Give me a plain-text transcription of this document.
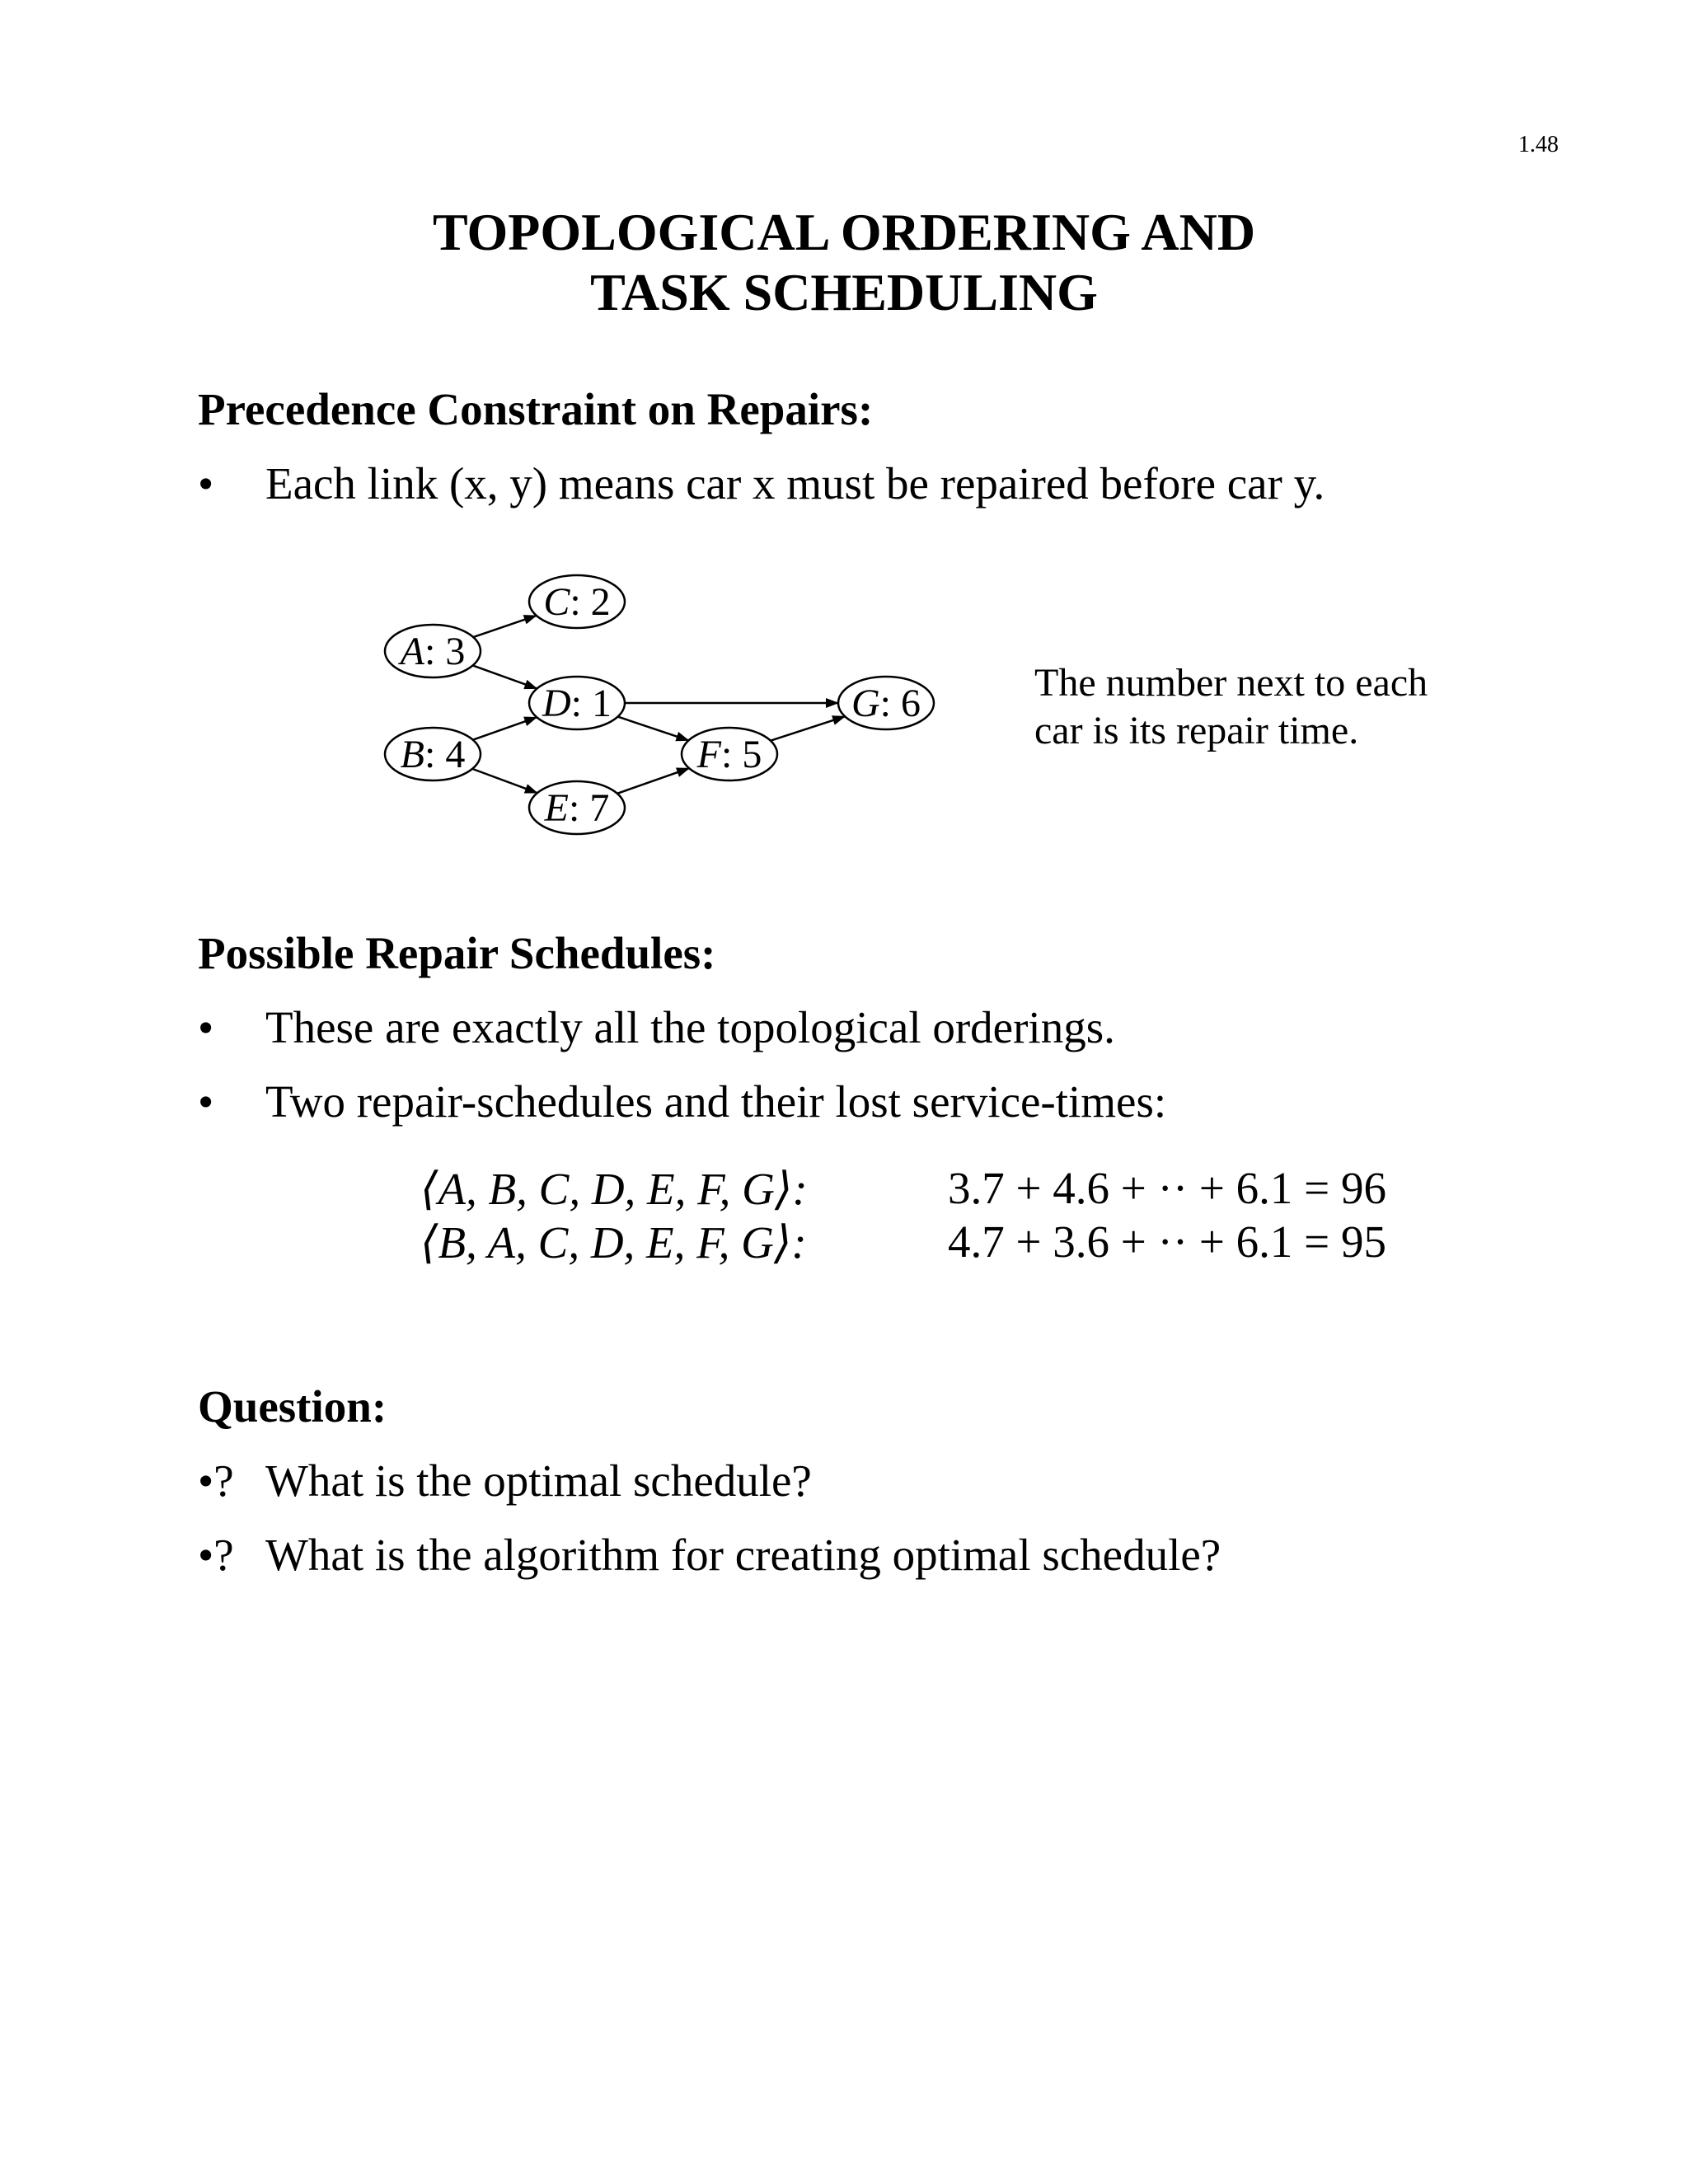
1.48
TOPOLOGICAL ORDERING AND
TASK SCHEDULING
Precedence Constraint on Repairs:
• Each link (x, y) means car x must be repaired before car y.
A: 3
B: 4
C: 2
D: 1
E: 7
F: 5
G: 6	The number next to each
car is its repair time.
Possible Repair Schedules:
• These are exactly all the topological orderings.
• Two repair-schedules and their lost service-times:
⟨A, B, C, D, E, F, G⟩:	3.7 + 4.6 + ·· + 6.1 = 96
⟨B, A, C, D, E, F, G⟩:	4.7 + 3.6 + ·· + 6.1 = 95
Question:
•? What is the optimal schedule?
•? What is the algorithm for creating optimal schedule?
